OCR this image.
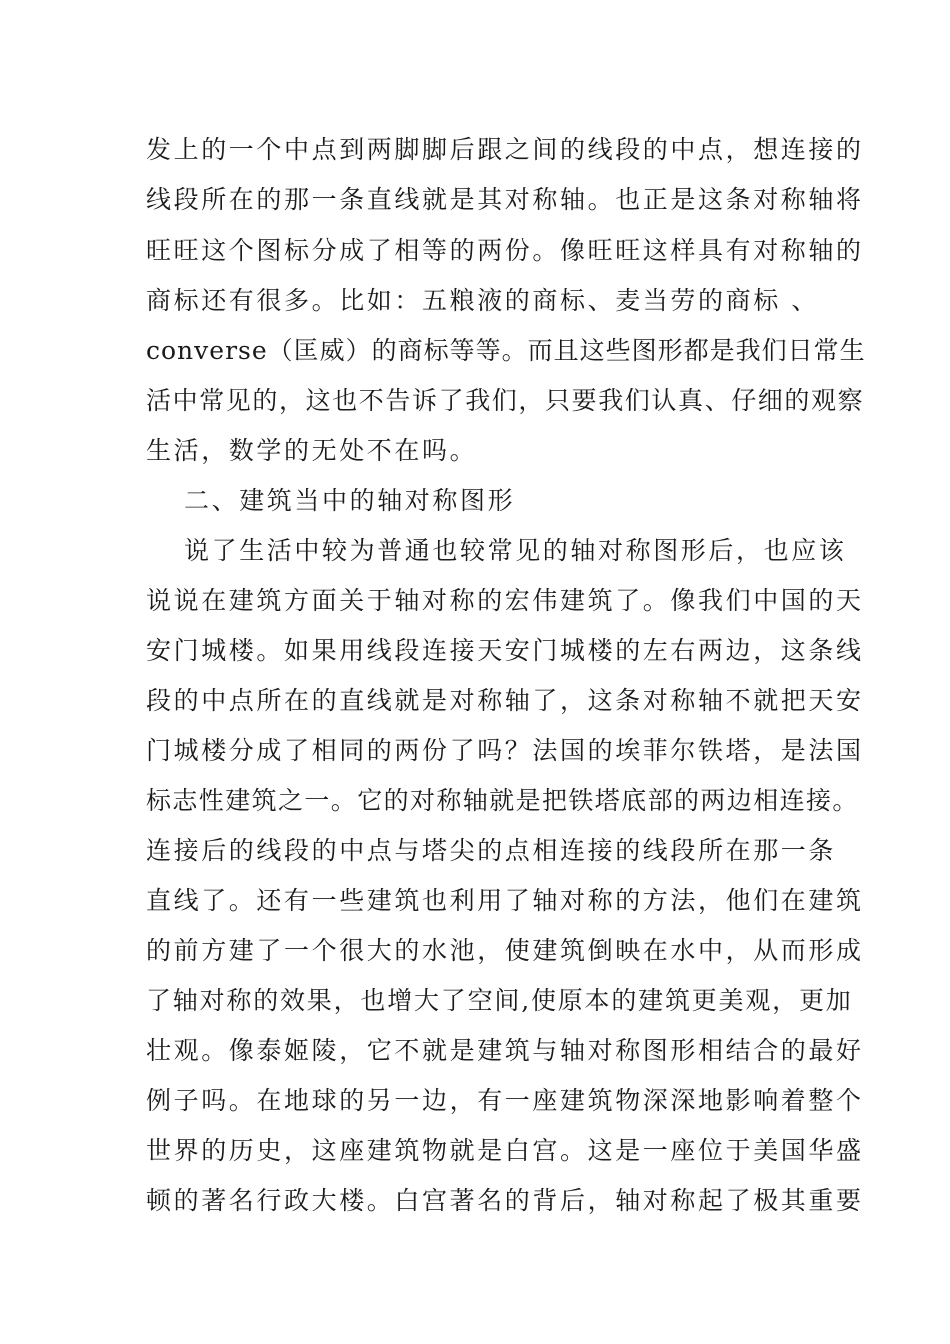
发上的一个中点到两脚脚后跟之间的线段的中点，想连接的
线段所在的那一条直线就是其对称轴。也正是这条对称轴将
旺旺这个图标分成了相等的两份。像旺旺这样具有对称轴的
商标还有很多。比如：五粮液的商标、麦当劳的商标 、
converse（匡威）的商标等等。而且这些图形都是我们日常生
活中常见的，这也不告诉了我们，只要我们认真、仔细的观察
生活，数学的无处不在吗。
二、建筑当中的轴对称图形
说了生活中较为普通也较常见的轴对称图形后，也应该
说说在建筑方面关于轴对称的宏伟建筑了。像我们中国的天
安门城楼。如果用线段连接天安门城楼的左右两边，这条线
段的中点所在的直线就是对称轴了，这条对称轴不就把天安
门城楼分成了相同的两份了吗？法国的埃菲尔铁塔，是法国
标志性建筑之一。它的对称轴就是把铁塔底部的两边相连接。
连接后的线段的中点与塔尖的点相连接的线段所在那一条
直线了。还有一些建筑也利用了轴对称的方法，他们在建筑
的前方建了一个很大的水池，使建筑倒映在水中，从而形成
了轴对称的效果，也增大了空间,使原本的建筑更美观，更加
壮观。像泰姬陵，它不就是建筑与轴对称图形相结合的最好
例子吗。在地球的另一边，有一座建筑物深深地影响着整个
世界的历史，这座建筑物就是白宫。这是一座位于美国华盛
顿的著名行政大楼。白宫著名的背后，轴对称起了极其重要
